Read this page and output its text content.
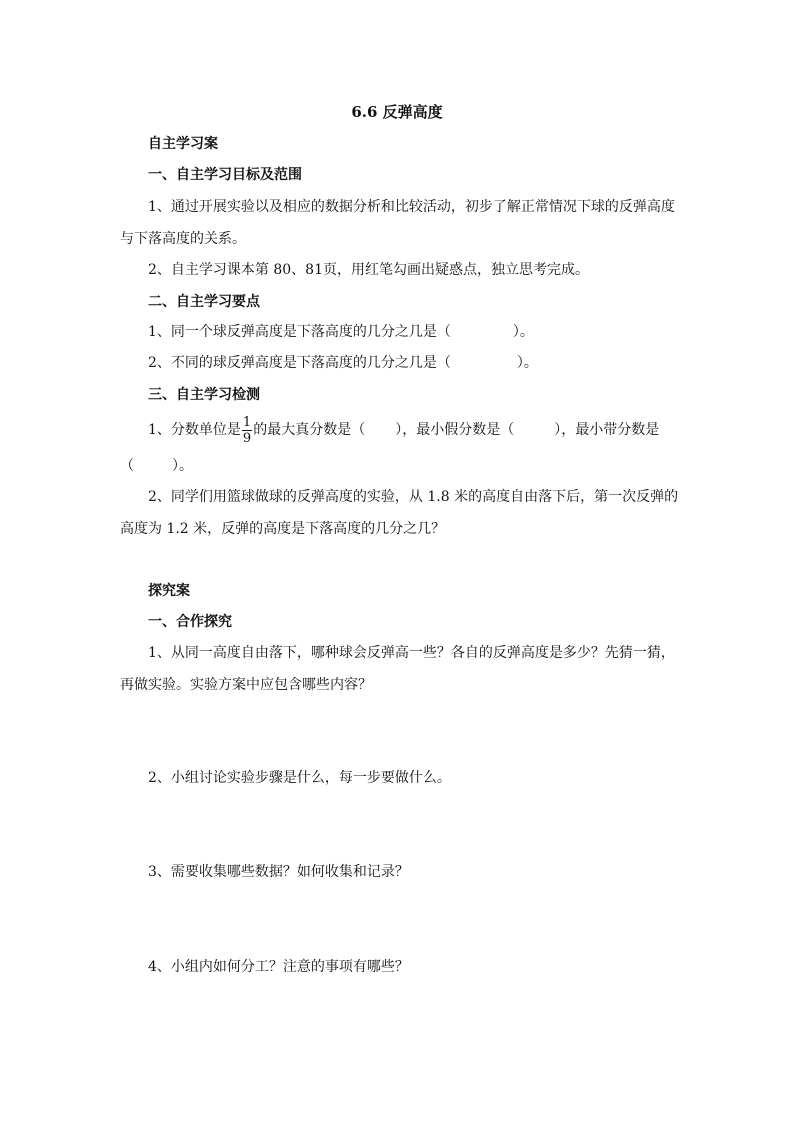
6.6 反弹高度
自主学习案
一、自主学习目标及范围
1、通过开展实验以及相应的数据分析和比较活动，初步了解正常情况下球的反弹高度
与下落高度的关系。
2、自主学习课本第 80、81页，用红笔勾画出疑惑点，独立思考完成。
二、自主学习要点
1、同一个球反弹高度是下落高度的几分之几是（	）。
2、不同的球反弹高度是下落高度的几分之几是（	）。
三、自主学习检测
1、分数单位是 $\frac{1}{9}$ 的最大真分数是（ ），最小假分数是（	），最小带分数是
（	）。
2、同学们用篮球做球的反弹高度的实验，从 1.8 米的高度自由落下后，第一次反弹的
高度为 1.2 米，反弹的高度是下落高度的几分之几？
探究案
一、合作探究
1、从同一高度自由落下，哪种球会反弹高一些？各自的反弹高度是多少？先猜一猜，
再做实验。实验方案中应包含哪些内容？
2、小组讨论实验步骤是什么，每一步要做什么。
3、需要收集哪些数据？如何收集和记录？
4、小组内如何分工？注意的事项有哪些？
